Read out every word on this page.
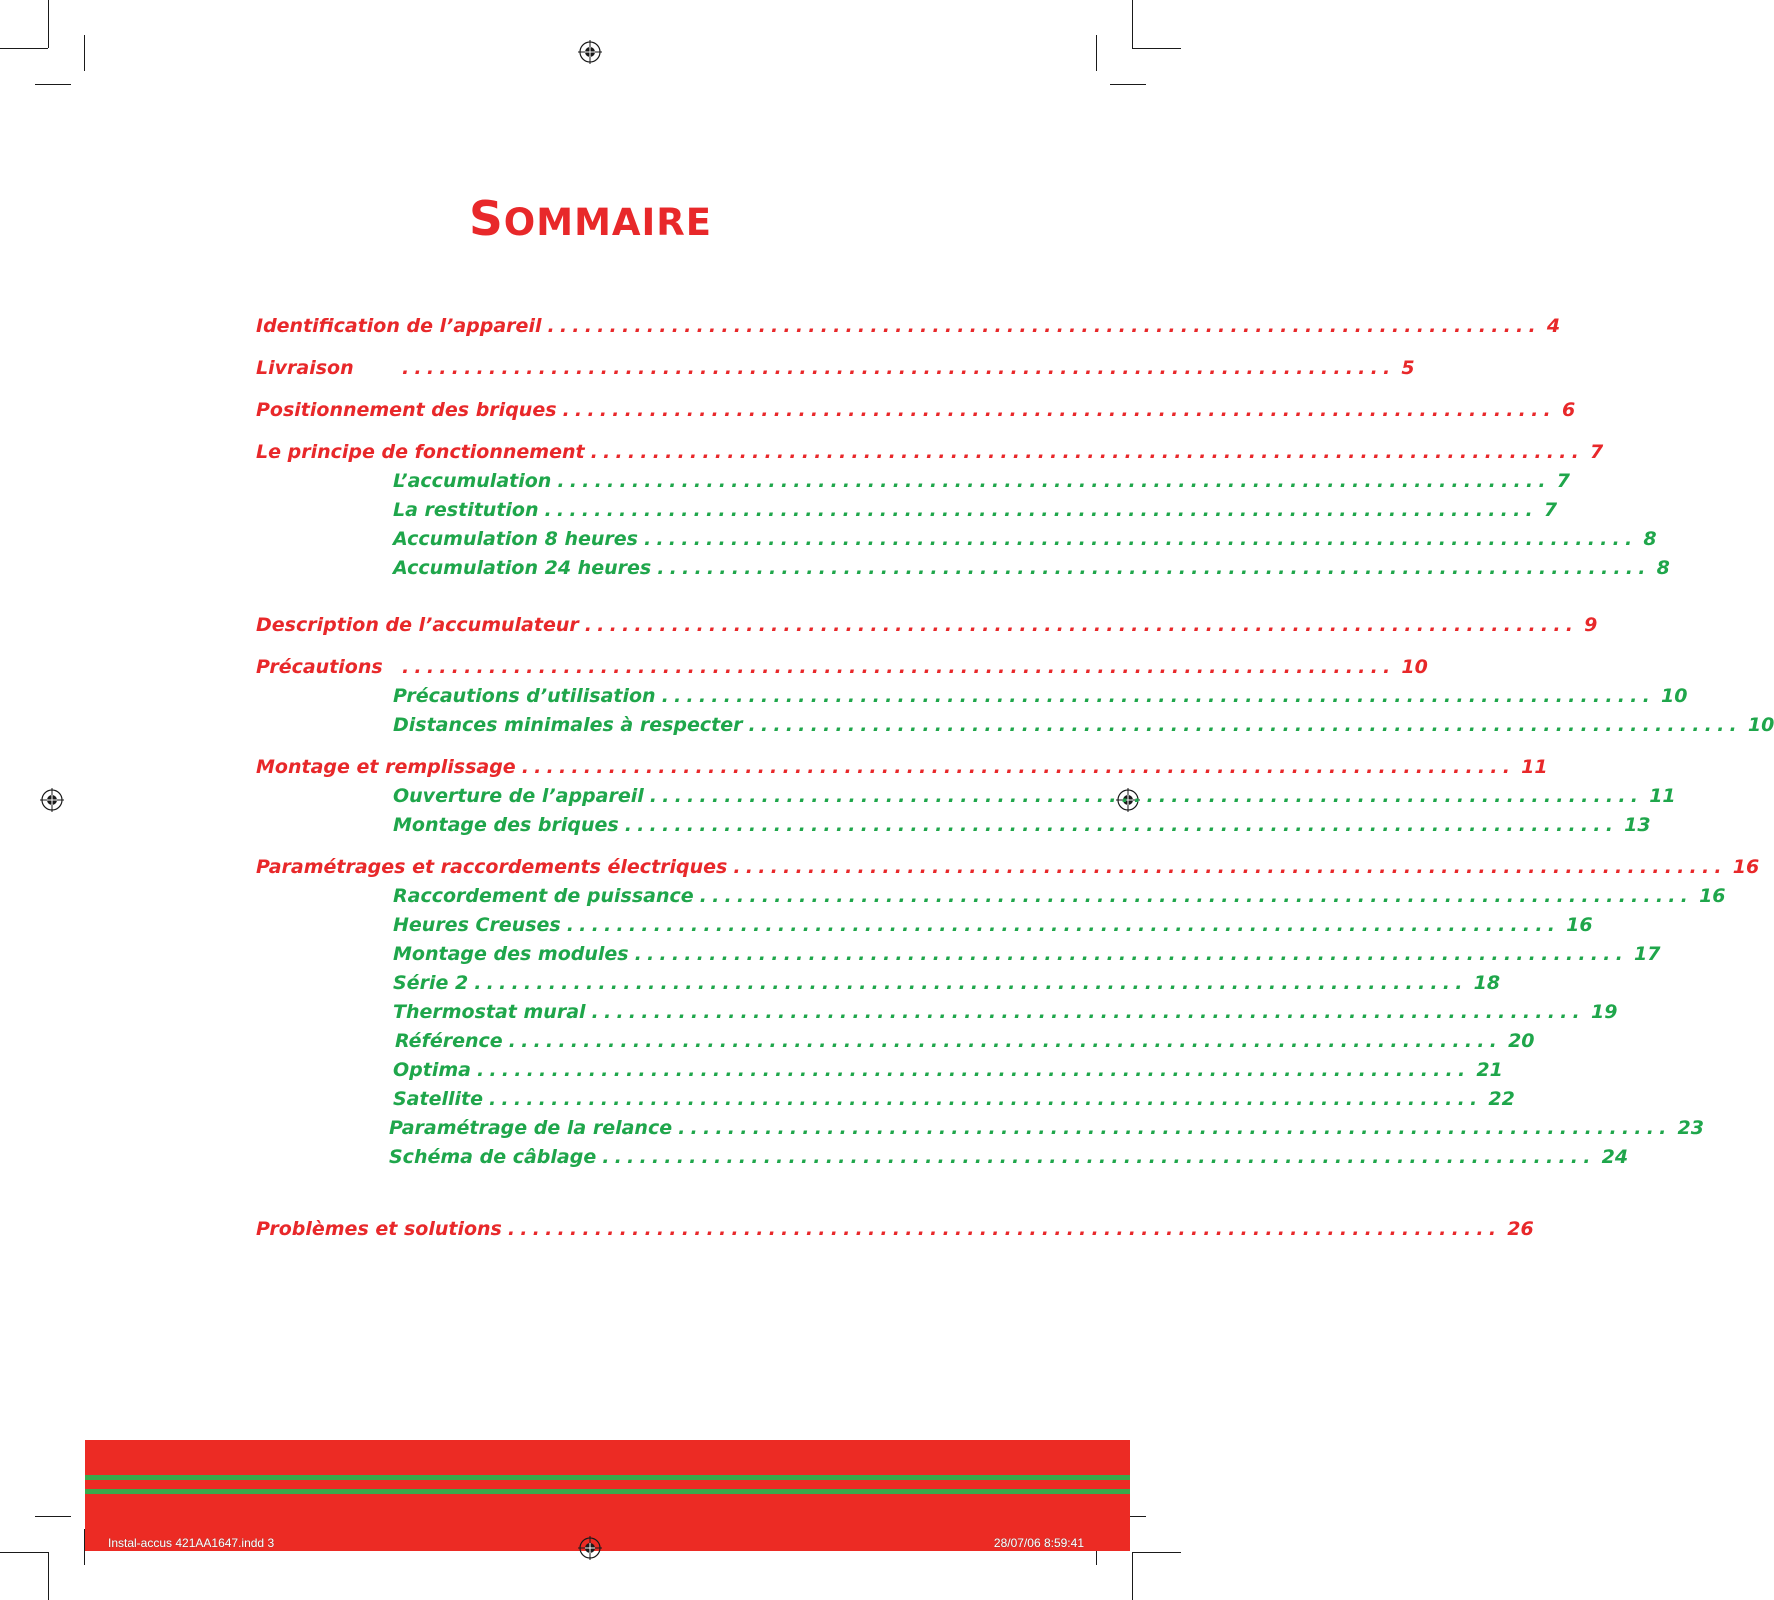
SOMMAIRE
Identification de l’appareil ................................................................................ 4
Livraison	................................................................................ 5
Positionnement des briques ................................................................................ 6
Le principe de fonctionnement ................................................................................ 7
L’accumulation ................................................................................ 7
La restitution ................................................................................ 7
Accumulation 8 heures ................................................................................ 8
Accumulation 24 heures ................................................................................ 8
Description de l’accumulateur ................................................................................ 9
Précautions	................................................................................ 10
Précautions d’utilisation ................................................................................ 10
Distances minimales à respecter ................................................................................ 10
Montage et remplissage ................................................................................ 11
Ouverture de l’appareil ................................................................................ 11
Montage des briques ................................................................................ 13
Paramétrages et raccordements électriques ................................................................................ 16
Raccordement de puissance ................................................................................ 16
Heures Creuses ................................................................................ 16
Montage des modules ................................................................................ 17
Série 2 ................................................................................ 18
Thermostat mural ................................................................................ 19
Référence ................................................................................ 20
Optima ................................................................................ 21
Satellite ................................................................................ 22
Paramétrage de la relance ................................................................................ 23
Schéma de câblage ................................................................................ 24
Problèmes et solutions ................................................................................ 26
Instal-accus 421AA1647.indd 3	28/07/06 8:59:41
